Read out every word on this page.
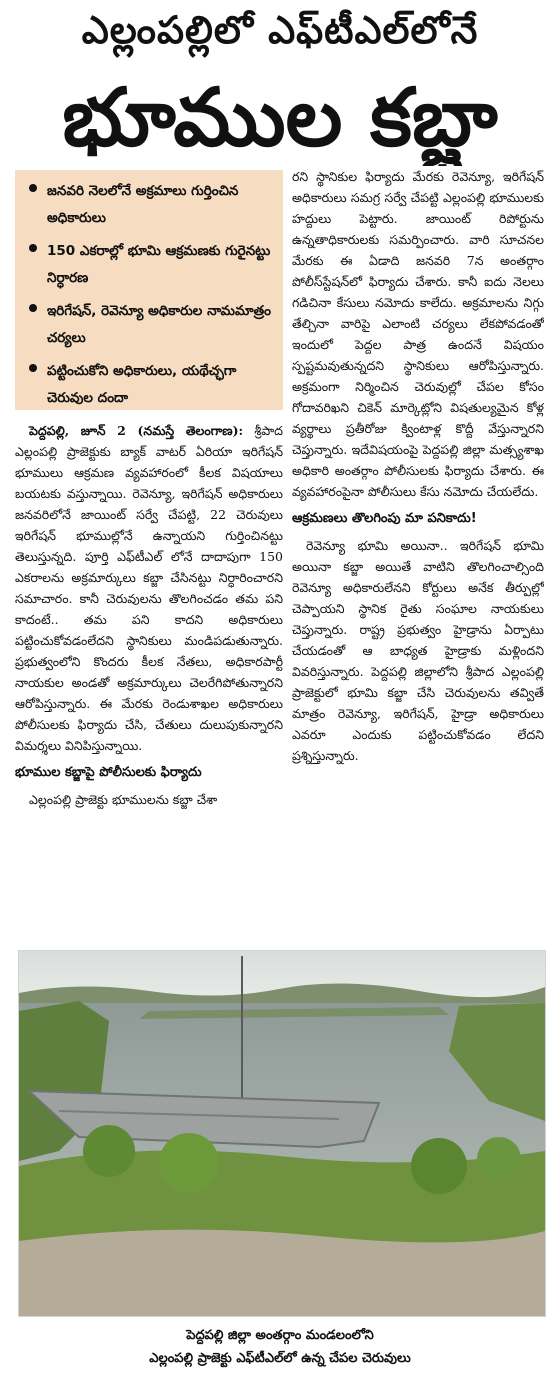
ఎల్లంపల్లిలో ఎఫ్‌టీఎల్‌లోనే
భూముల కబ్జా
జనవరి నెలలోనే అక్రమాలు గుర్తించిన అధికారులు
150 ఎకరాల్లో భూమి ఆక్రమణకు గురైనట్టు నిర్ధారణ
ఇరిగేషన్, రెవెన్యూ అధికారుల నామమాత్రం చర్యలు
పట్టించుకోని అధికారులు, యథేచ్ఛగా చెరువుల దందా

పెద్దపల్లి, జూన్ 2 (నమస్తే తెలంగాణ): శ్రీపాద ఎల్లంపల్లి ప్రాజెక్టుకు బ్యాక్ వాటర్ ఏరియా ఇరిగేషన్ భూములు ఆక్రమణ వ్యవహారంలో కీలక విషయాలు బయటకు వస్తున్నాయి. రెవెన్యూ, ఇరిగేషన్ అధికారులు జనవరిలోనే జాయింట్ సర్వే చేపట్టి, 22 చెరువులు ఇరిగేషన్ భూముల్లోనే ఉన్నాయని గుర్తించినట్టు తెలుస్తున్నది. పూర్తి ఎఫ్‌టీఎల్ లోనే దాదాపుగా 150 ఎకరాలను అక్రమార్కులు కబ్జా చేసినట్టు నిర్ధారించారని సమాచారం. కానీ చెరువులను తొలగించడం తమ పని కాదంటే.. తమ పని కాదని అధికారులు పట్టించుకోవడంలేదని స్థానికులు మండిపడుతున్నారు. ప్రభుత్వంలోని కొందరు కీలక నేతలు, అధికారపార్టీ నాయకుల అండతో అక్రమార్కులు చెలరేగిపోతున్నారని ఆరోపిస్తున్నారు. ఈ మేరకు రెండుశాఖల అధికారులు పోలీసులకు ఫిర్యాదు చేసి, చేతులు దులుపుకున్నారని విమర్శలు వినిపిస్తున్నాయి.

భూముల కబ్జాపై పోలీసులకు ఫిర్యాదు

ఎల్లంపల్లి ప్రాజెక్టు భూములను కబ్జా చేశా

రని స్థానికుల ఫిర్యాదు మేరకు రెవెన్యూ, ఇరిగేషన్ అధికారులు సమగ్ర సర్వే చేపట్టి ఎల్లంపల్లి భూములకు హద్దులు పెట్టారు. జాయింట్ రిపోర్టును ఉన్నతాధికారులకు సమర్పించారు. వారి సూచనల మేరకు ఈ ఏడాది జనవరి 7న అంతర్గాం పోలీస్‌స్టేషన్‌లో ఫిర్యాదు చేశారు. కానీ ఐదు నెలలు గడిచినా కేసులు నమోదు కాలేదు. అక్రమాలను నిగ్గు తేల్చినా వారిపై ఎలాంటి చర్యలు లేకపోవడంతో ఇందులో పెద్దల పాత్ర ఉందనే విషయం స్పష్టమవుతున్నదని స్థానికులు ఆరోపిస్తున్నారు. అక్రమంగా నిర్మించిన చెరువుల్లో చేపల కోసం గోదావరిఖని చికెన్ మార్కెట్లోని విషతుల్యమైన కోళ్ల వ్యర్థాలు ప్రతీరోజు క్వింటాళ్ల కొద్దీ వేస్తున్నారని చెప్తున్నారు. ఇదేవిషయంపై పెద్దపల్లి జిల్లా మత్స్యశాఖ అధికారి అంతర్గాం పోలీసులకు ఫిర్యాదు చేశారు. ఈ వ్యవహారంపైనా పోలీసులు కేసు నమోదు చేయలేదు.

ఆక్రమణలు తొలగింపు మా పనికాదు!

రెవెన్యూ భూమి అయినా.. ఇరిగేషన్ భూమి అయినా కబ్జా అయితే వాటిని తొలగించాల్సింది రెవెన్యూ అధికారులేనని కోర్టులు అనేక తీర్పుల్లో చెప్పాయని స్థానిక రైతు సంఘాల నాయకులు చెప్తున్నారు. రాష్ట్ర ప్రభుత్వం హైడ్రాను ఏర్పాటు చేయడంతో ఆ బాధ్యత హైడ్రాకు మళ్లిందని వివరిస్తున్నారు. పెద్దపల్లి జిల్లాలోని శ్రీపాద ఎల్లంపల్లి ప్రాజెక్టులో భూమి కబ్జా చేసి చెరువులను తవ్వితే మాత్రం రెవెన్యూ, ఇరిగేషన్, హైడ్రా అధికారులు ఎవరూ ఎందుకు పట్టించుకోవడం లేదని ప్రశ్నిస్తున్నారు.

పెద్దపల్లి జిల్లా అంతర్గాం మండలంలోని
ఎల్లంపల్లి ప్రాజెక్టు ఎఫ్‌టీఎల్‌లో ఉన్న చేపల చెరువులు
